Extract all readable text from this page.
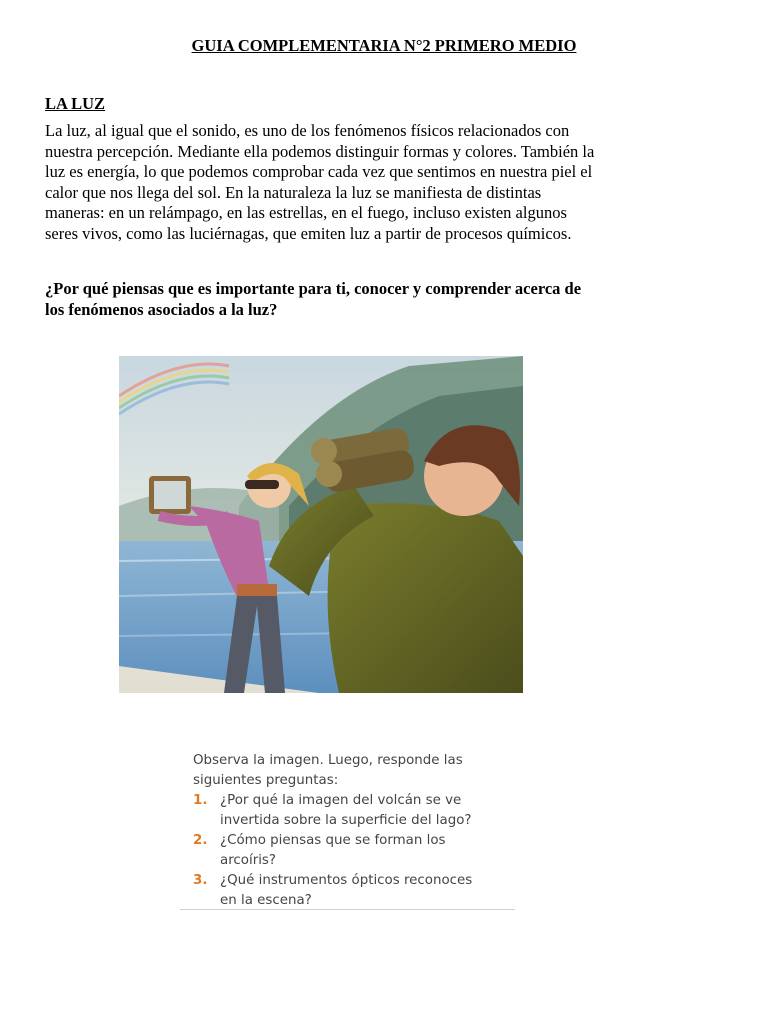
GUIA COMPLEMENTARIA N°2 PRIMERO MEDIO
LA LUZ
La luz, al igual que el sonido, es uno de los fenómenos físicos relacionados con
nuestra percepción. Mediante ella podemos distinguir formas y colores. También la
luz es energía, lo que podemos comprobar cada vez que sentimos en nuestra piel el
calor que nos llega del sol. En la naturaleza la luz se manifiesta de distintas
maneras: en un relámpago, en las estrellas, en el fuego, incluso existen algunos
seres vivos, como las luciérnagas, que emiten luz a partir de procesos químicos.
¿Por qué piensas que es importante para ti, conocer y comprender acerca de
los fenómenos asociados a la luz?
Observa la imagen. Luego, responde las
siguientes preguntas:
1. ¿Por qué la imagen del volcán se ve
invertida sobre la superficie del lago?
2. ¿Cómo piensas que se forman los
arcoíris?
3. ¿Qué instrumentos ópticos reconoces
en la escena?
